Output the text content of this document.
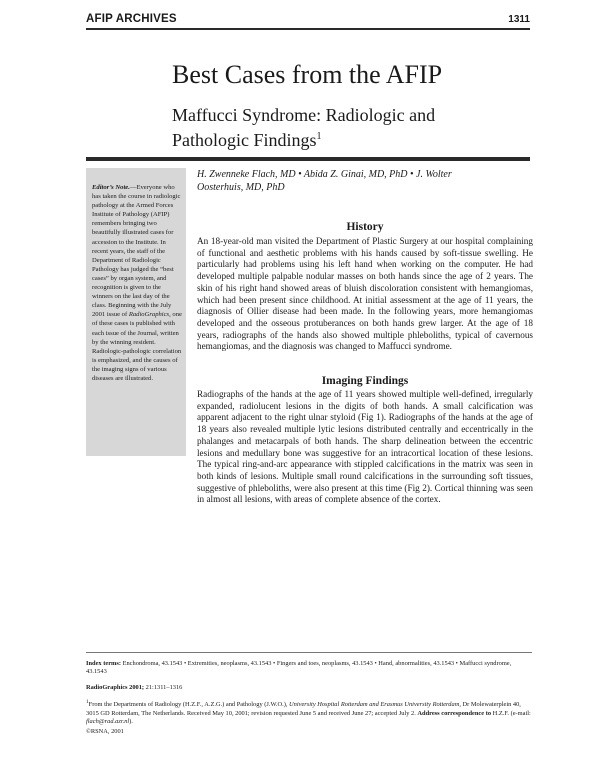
AFIP ARCHIVES	1311
Best Cases from the AFIP
Maffucci Syndrome: Radiologic and
Pathologic Findings$^1$
Editor’s Note.—Everyone who has taken the course in radiologic pathology at the Armed Forces Institute of Pathology (AFIP) remembers bringing two beautifully illustrated cases for accession to the Institute. In recent years, the staff of the Department of Radiologic Pathology has judged the “best cases” by organ system, and recognition is given to the winners on the last day of the class. Beginning with the July 2001 issue of RadioGraphics, one of these cases is published with each issue of the Journal, written by the winning resident. Radiologic-pathologic correlation is emphasized, and the causes of the imaging signs of various diseases are illustrated.
H. Zwenneke Flach, MD • Abida Z. Ginai, MD, PhD • J. Wolter
Oosterhuis, MD, PhD
History

An 18-year-old man visited the Department of Plastic Surgery at our hospital complaining of functional and aesthetic problems with his hands caused by soft-tissue swelling. He particularly had problems using his left hand when working on the computer. He had developed multiple palpable nodular masses on both hands since the age of 2 years. The skin of his right hand showed areas of bluish discoloration consistent with hemangiomas, which had been present since childhood. At initial assessment at the age of 11 years, the diagnosis of Ollier disease had been made. In the following years, more hemangiomas developed and the osseous protuberances on both hands grew larger. At the age of 18 years, radiographs of the hands also showed multiple phleboliths, typical of cavernous hemangiomas, and the diagnosis was changed to Maffucci syndrome.

Imaging Findings

Radiographs of the hands at the age of 11 years showed multiple well-defined, irregularly expanded, radiolucent lesions in the digits of both hands. A small calcification was apparent adjacent to the right ulnar styloid (Fig 1). Radiographs of the hands at the age of 18 years also revealed multiple lytic lesions distributed centrally and eccentrically in the phalanges and metacarpals of both hands. The sharp delineation between the eccentric lesions and medullary bone was suggestive for an intracortical location of these lesions. The typical ring-and-arc appearance with stippled calcifications in the matrix was seen in both kinds of lesions. Multiple small round calcifications in the surrounding soft tissues, suggestive of phleboliths, were also present at this time (Fig 2). Cortical thinning was seen in almost all lesions, with areas of complete absence of the cortex.

Index terms: Enchondroma, 43.1543 • Extremities, neoplasms, 43.1543 • Fingers and toes, neoplasms, 43.1543 • Hand, abnormalities, 43.1543 • Maffucci syndrome, 43.1543
RadioGraphics 2001; 21:1311–1316
$^1$From the Departments of Radiology (H.Z.F., A.Z.G.) and Pathology (J.W.O.), University Hospital Rotterdam and Erasmus University Rotterdam, Dr Molewaterplein 40, 3015 GD Rotterdam, The Netherlands. Received May 10, 2001; revision requested June 5 and received June 27; accepted July 2. Address correspondence to H.Z.F. (e-mail: flach@rad.azr.nl).
©RSNA, 2001
